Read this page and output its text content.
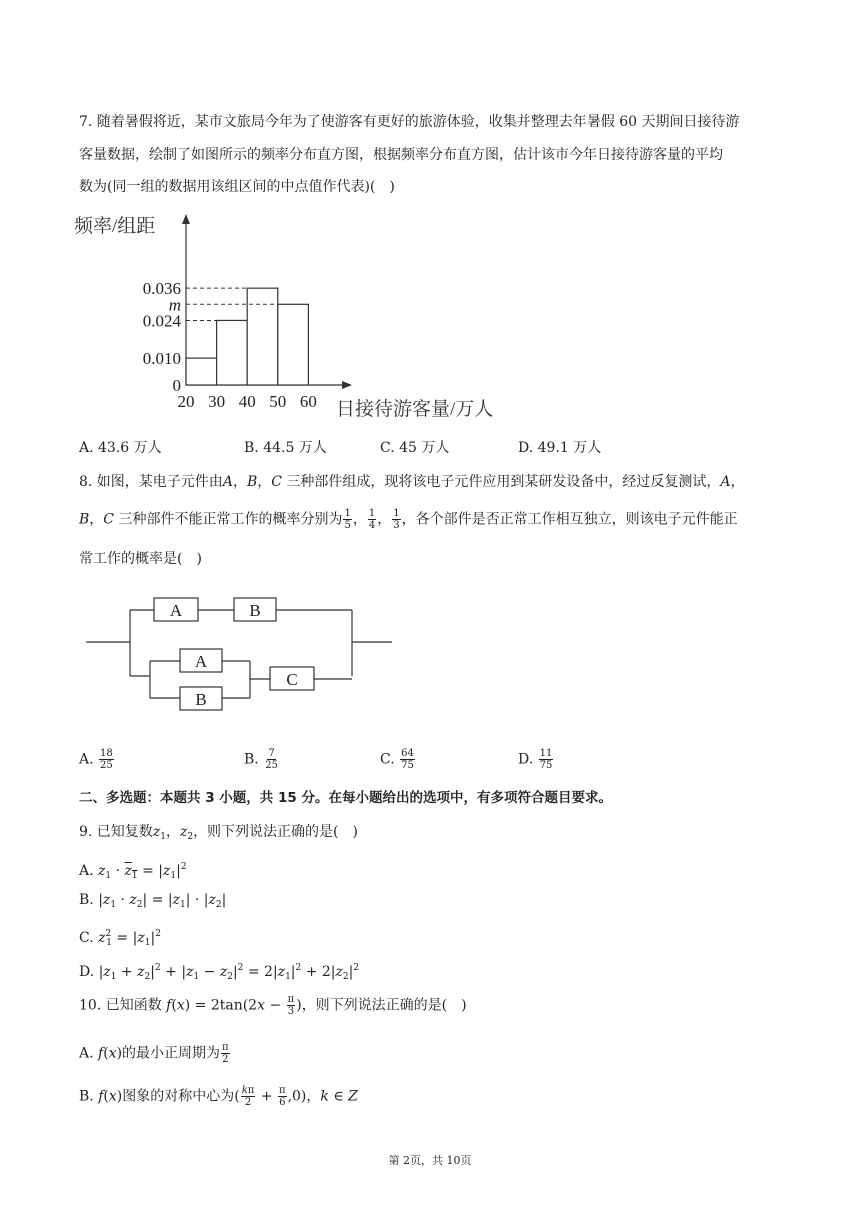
7. 随着暑假将近，某市文旅局今年为了使游客有更好的旅游体验，收集并整理去年暑假 60 天期间日接待游
客量数据，绘制了如图所示的频率分布直方图，根据频率分布直方图，估计该市今年日接待游客量的平均
数为(同一组的数据用该组区间的中点值作代表)(　)
0
0.010
0.024
m
0.036
20 30 40 50 60
频率/组距
日接待游客量/万人
A. 43.6 万人	B. 44.5 万人	C. 45 万人	D. 49.1 万人
8. 如图，某电子元件由A，B，C 三种部件组成，现将该电子元件应用到某研发设备中，经过反复测试，A，
B，C 三种部件不能正常工作的概率分别为 $\frac{1}{5}$ ， $\frac{1}{4}$ ， $\frac{1}{3}$ ，各个部件是否正常工作相互独立，则该电子元件能正
常工作的概率是(　)
A	B
A
B
C
A. $\frac{18}{25}$	B. $\frac{7}{25}$	C. $\frac{64}{75}$	D. $\frac{11}{75}$
二、多选题：本题共 3 小题，共 15 分。在每小题给出的选项中，有多项符合题目要求。
9. 已知复数$z_1$，$z_2$，则下列说法正确的是(　)
A. $z_1 \cdot z_1 = |z_1|^2$
B. $|z_1 \cdot z_2| = |z_1| \cdot |z_2|$
C. $z^2_1 = |z_1|^2$
D. $|z_1 + z_2|^2 + |z_1 - z_2|^2 = 2|z_1|^2 + 2|z_2|^2$
10. 已知函数 $f(x) = 2\tan(2x - \frac{\pi}{3}$ )，则下列说法正确的是(　)
A. f(x)的最小正周期为 $\frac{\pi}{2}$
B. f(x)图象的对称中心为( $\frac{k\pi}{2} + \frac{\pi}{6} ,0$)，k ∈ Z
第 2页，共 10页
